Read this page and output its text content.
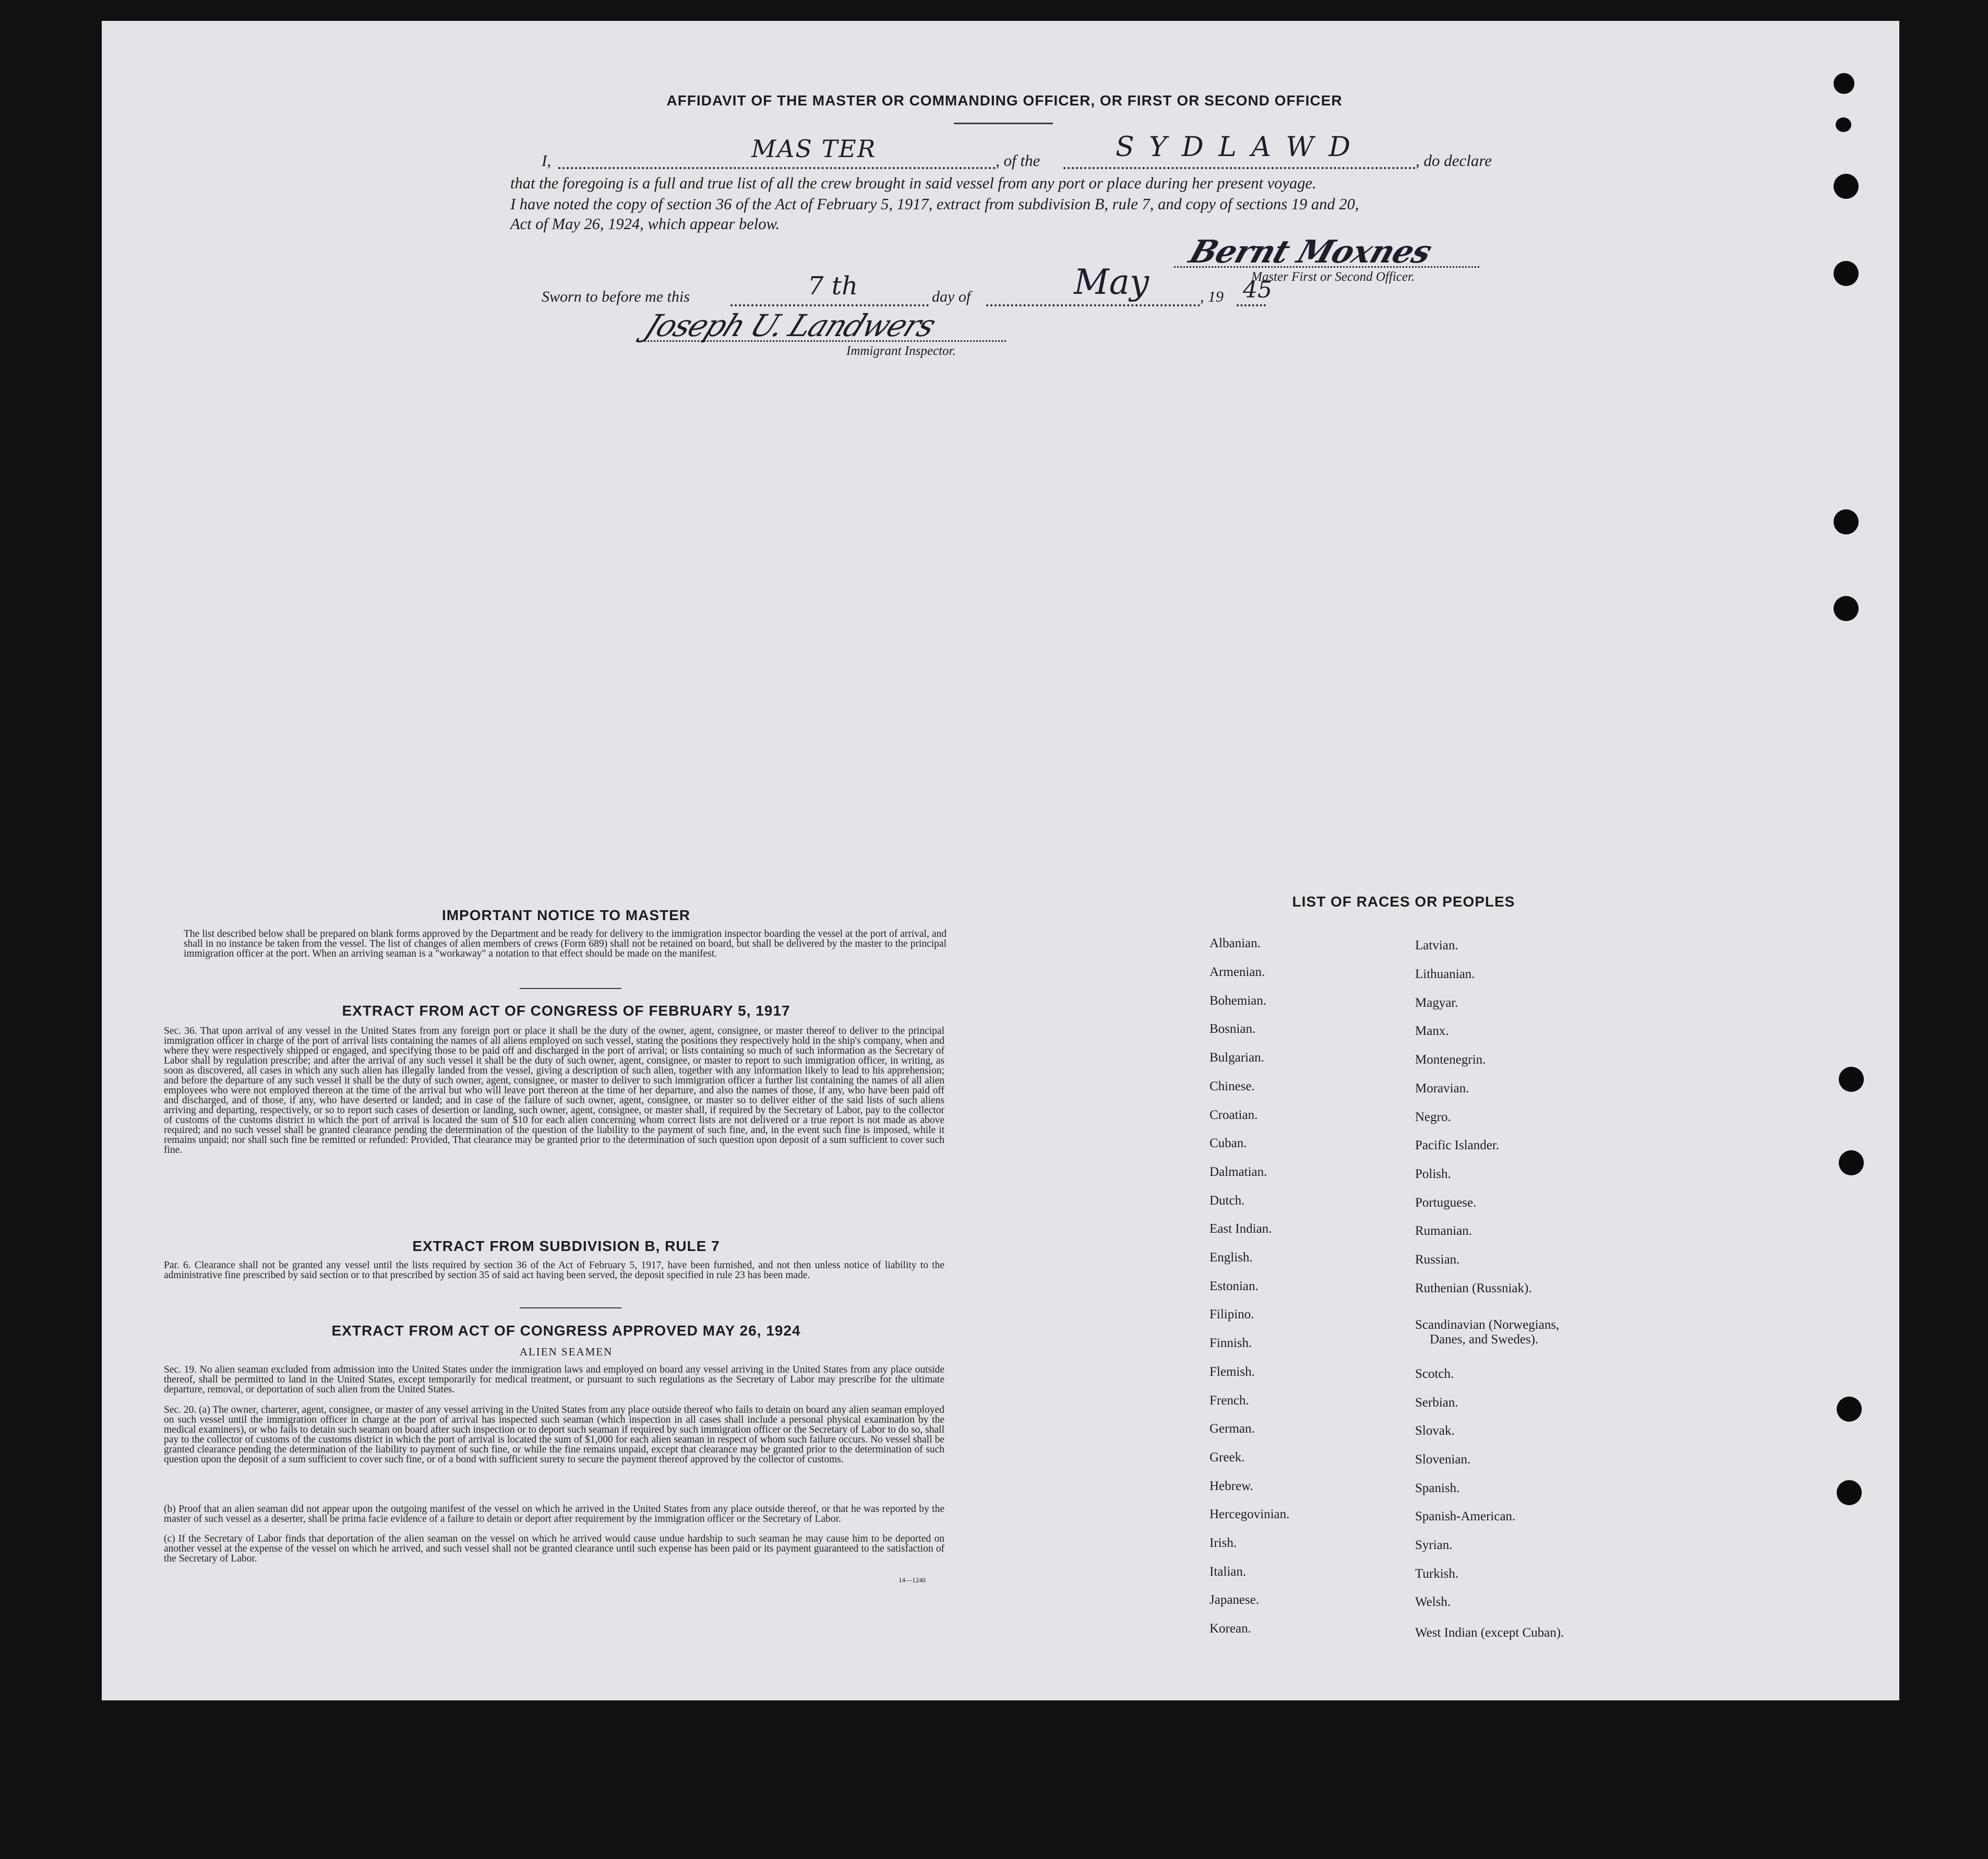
AFFIDAVIT OF THE MASTER OR COMMANDING OFFICER, OR FIRST OR SECOND OFFICER
I,	MAS TER	, of the	S Y D L A W D	, do declare
that the foregoing is a full and true list of all the crew brought in said vessel from any port or place during her present voyage.
I have noted the copy of section 36 of the Act of February 5, 1917, extract from subdivision B, rule 7, and copy of sections 19 and 20,
Act of May 26, 1924, which appear below.
Bernt Moxnes
Master First or Second Officer.
Sworn to before me this	7 th	day of	May	, 19 45
Joseph U. Landwers
Immigrant Inspector.
IMPORTANT NOTICE TO MASTER
The list described below shall be prepared on blank forms approved by the Department and be ready for delivery to the immigration inspector boarding the vessel at the port of arrival, and shall in no instance be taken from the vessel. The list of changes of alien members of crews (Form 689) shall not be retained on board, but shall be delivered by the master to the principal immigration officer at the port. When an arriving seaman is a "workaway" a notation to that effect should be made on the manifest.
EXTRACT FROM ACT OF CONGRESS OF FEBRUARY 5, 1917
Sec. 36. That upon arrival of any vessel in the United States from any foreign port or place it shall be the duty of the owner, agent, consignee, or master thereof to deliver to the principal immigration officer in charge of the port of arrival lists containing the names of all aliens employed on such vessel, stating the positions they respectively hold in the ship's company, when and where they were respectively shipped or engaged, and specifying those to be paid off and discharged in the port of arrival; or lists containing so much of such information as the Secretary of Labor shall by regulation prescribe; and after the arrival of any such vessel it shall be the duty of such owner, agent, consignee, or master to report to such immigration officer, in writing, as soon as discovered, all cases in which any such alien has illegally landed from the vessel, giving a description of such alien, together with any information likely to lead to his apprehension; and before the departure of any such vessel it shall be the duty of such owner, agent, consignee, or master to deliver to such immigration officer a further list containing the names of all alien employees who were not employed thereon at the time of the arrival but who will leave port thereon at the time of her departure, and also the names of those, if any, who have been paid off and discharged, and of those, if any, who have deserted or landed; and in case of the failure of such owner, agent, consignee, or master so to deliver either of the said lists of such aliens arriving and departing, respectively, or so to report such cases of desertion or landing, such owner, agent, consignee, or master shall, if required by the Secretary of Labor, pay to the collector of customs of the customs district in which the port of arrival is located the sum of $10 for each alien concerning whom correct lists are not delivered or a true report is not made as above required; and no such vessel shall be granted clearance pending the determination of the question of the liability to the payment of such fine, and, in the event such fine is imposed, while it remains unpaid; nor shall such fine be remitted or refunded: Provided, That clearance may be granted prior to the determination of such question upon deposit of a sum sufficient to cover such fine.
EXTRACT FROM SUBDIVISION B, RULE 7
Par. 6. Clearance shall not be granted any vessel until the lists required by section 36 of the Act of February 5, 1917, have been furnished, and not then unless notice of liability to the administrative fine prescribed by said section or to that prescribed by section 35 of said act having been served, the deposit specified in rule 23 has been made.
EXTRACT FROM ACT OF CONGRESS APPROVED MAY 26, 1924
ALIEN SEAMEN
Sec. 19. No alien seaman excluded from admission into the United States under the immigration laws and employed on board any vessel arriving in the United States from any place outside thereof, shall be permitted to land in the United States, except temporarily for medical treatment, or pursuant to such regulations as the Secretary of Labor may prescribe for the ultimate departure, removal, or deportation of such alien from the United States.
Sec. 20. (a) The owner, charterer, agent, consignee, or master of any vessel arriving in the United States from any place outside thereof who fails to detain on board any alien seaman employed on such vessel until the immigration officer in charge at the port of arrival has inspected such seaman (which inspection in all cases shall include a personal physical examination by the medical examiners), or who fails to detain such seaman on board after such inspection or to deport such seaman if required by such immigration officer or the Secretary of Labor to do so, shall pay to the collector of customs of the customs district in which the port of arrival is located the sum of $1,000 for each alien seaman in respect of whom such failure occurs. No vessel shall be granted clearance pending the determination of the liability to payment of such fine, or while the fine remains unpaid, except that clearance may be granted prior to the determination of such question upon the deposit of a sum sufficient to cover such fine, or of a bond with sufficient surety to secure the payment thereof approved by the collector of customs.
(b) Proof that an alien seaman did not appear upon the outgoing manifest of the vessel on which he arrived in the United States from any place outside thereof, or that he was reported by the master of such vessel as a deserter, shall be prima facie evidence of a failure to detain or deport after requirement by the immigration officer or the Secretary of Labor.
(c) If the Secretary of Labor finds that deportation of the alien seaman on the vessel on which he arrived would cause undue hardship to such seaman he may cause him to be deported on another vessel at the expense of the vessel on which he arrived, and such vessel shall not be granted clearance until such expense has been paid or its payment guaranteed to the satisfaction of the Secretary of Labor.
14—1240
LIST OF RACES OR PEOPLES
Albanian.
Armenian.
Bohemian.
Bosnian.
Bulgarian.
Chinese.
Croatian.
Cuban.
Dalmatian.
Dutch.
East Indian.
English.
Estonian.
Filipino.
Finnish.
Flemish.
French.
German.
Greek.
Hebrew.
Hercegovinian.
Irish.
Italian.
Japanese.
Korean.
Latvian.
Lithuanian.
Magyar.
Manx.
Montenegrin.
Moravian.
Negro.
Pacific Islander.
Polish.
Portuguese.
Rumanian.
Russian.
Ruthenian (Russniak).
Scandinavian (Norwegians,
Danes, and Swedes).
Scotch.
Serbian.
Slovak.
Slovenian.
Spanish.
Spanish-American.
Syrian.
Turkish.
Welsh.
West Indian (except Cuban).
